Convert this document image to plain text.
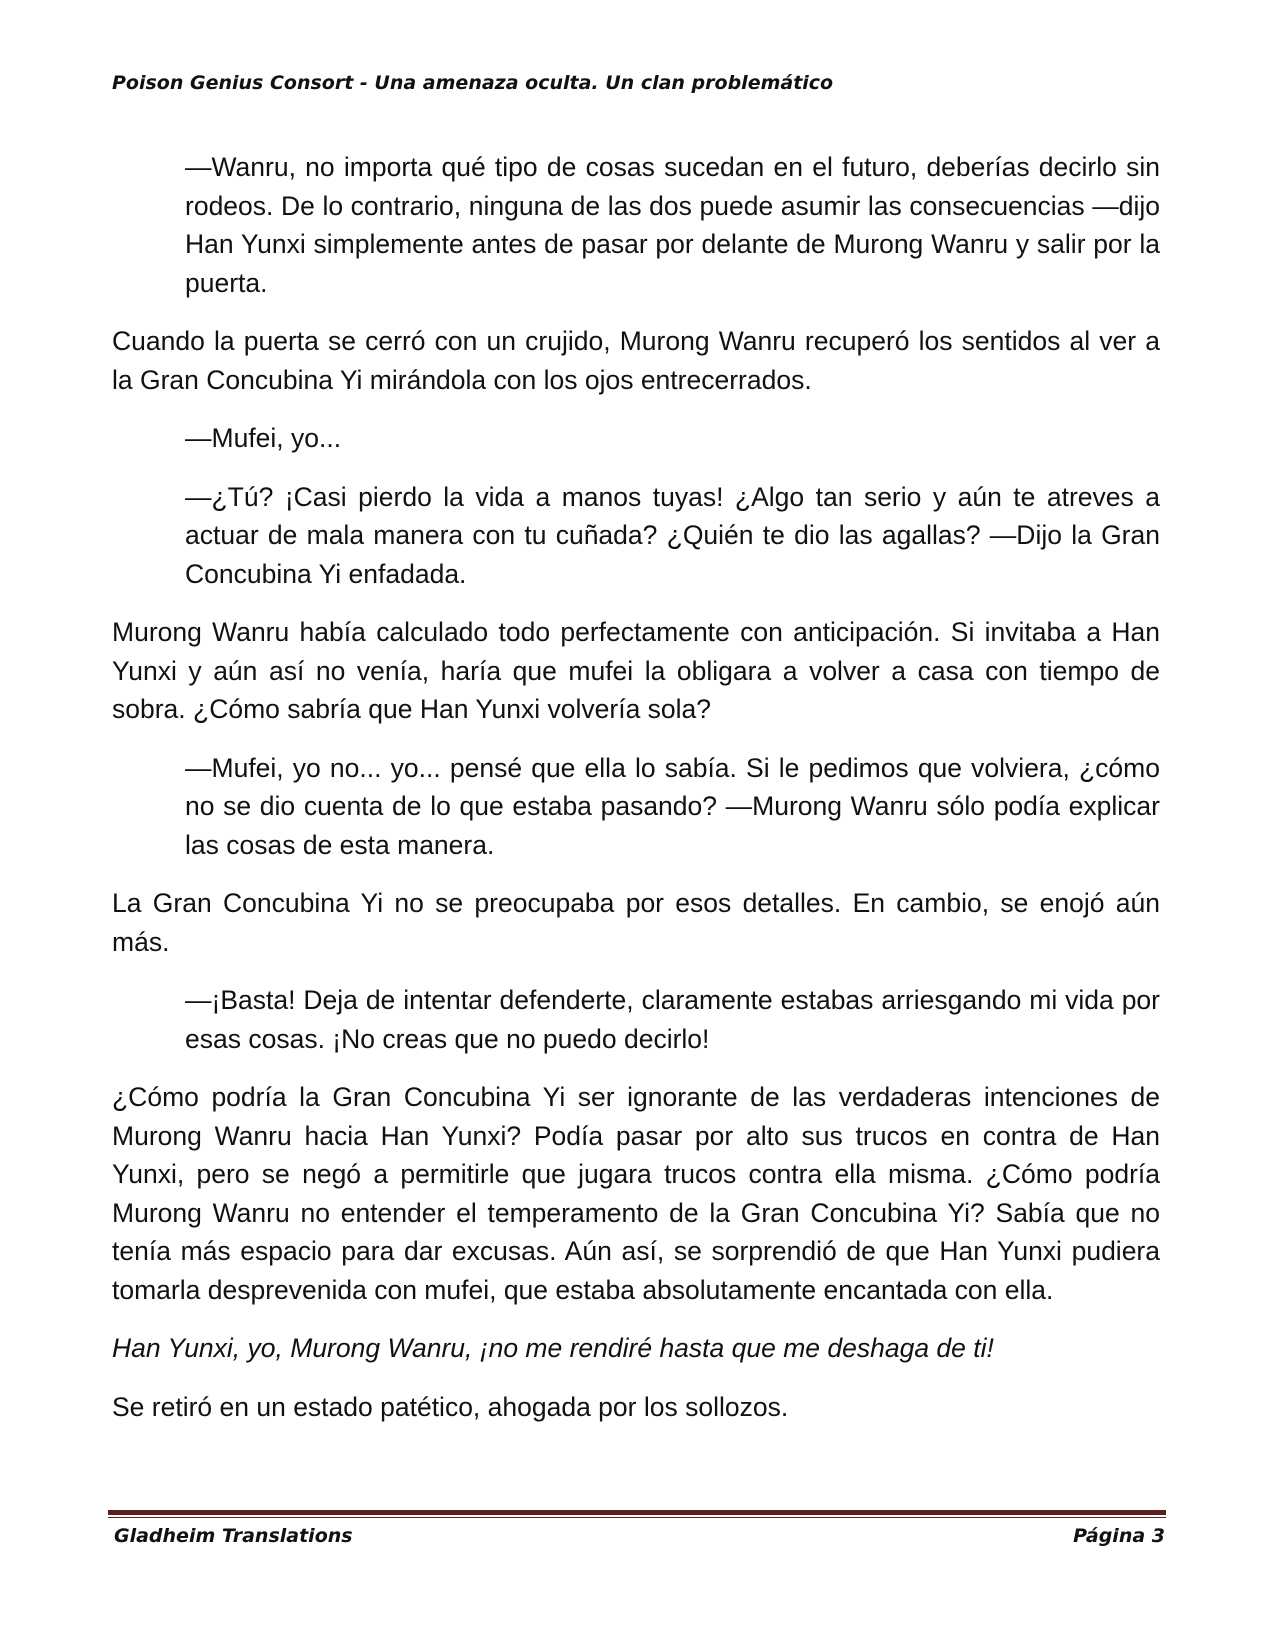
Poison Genius Consort - Una amenaza oculta. Un clan problemático

—Wanru, no importa qué tipo de cosas sucedan en el futuro, deberías decirlo sin rodeos. De lo contrario, ninguna de las dos puede asumir las consecuencias —dijo Han Yunxi simplemente antes de pasar por delante de Murong Wanru y salir por la puerta.

Cuando la puerta se cerró con un crujido, Murong Wanru recuperó los sentidos al ver a la Gran Concubina Yi mirándola con los ojos entrecerrados.

—Mufei, yo...

—¿Tú? ¡Casi pierdo la vida a manos tuyas! ¿Algo tan serio y aún te atreves a actuar de mala manera con tu cuñada? ¿Quién te dio las agallas? —Dijo la Gran Concubina Yi enfadada.

Murong Wanru había calculado todo perfectamente con anticipación. Si invitaba a Han Yunxi y aún así no venía, haría que mufei la obligara a volver a casa con tiempo de sobra. ¿Cómo sabría que Han Yunxi volvería sola?

—Mufei, yo no... yo... pensé que ella lo sabía. Si le pedimos que volviera, ¿cómo no se dio cuenta de lo que estaba pasando? —Murong Wanru sólo podía explicar las cosas de esta manera.

La Gran Concubina Yi no se preocupaba por esos detalles. En cambio, se enojó aún más.

—¡Basta! Deja de intentar defenderte, claramente estabas arriesgando mi vida por esas cosas. ¡No creas que no puedo decirlo!

¿Cómo podría la Gran Concubina Yi ser ignorante de las verdaderas intenciones de Murong Wanru hacia Han Yunxi? Podía pasar por alto sus trucos en contra de Han Yunxi, pero se negó a permitirle que jugara trucos contra ella misma. ¿Cómo podría Murong Wanru no entender el temperamento de la Gran Concubina Yi? Sabía que no tenía más espacio para dar excusas. Aún así, se sorprendió de que Han Yunxi pudiera tomarla desprevenida con mufei, que estaba absolutamente encantada con ella.

Han Yunxi, yo, Murong Wanru, ¡no me rendiré hasta que me deshaga de ti!

Se retiró en un estado patético, ahogada por los sollozos.

Gladheim Translations	Página 3
